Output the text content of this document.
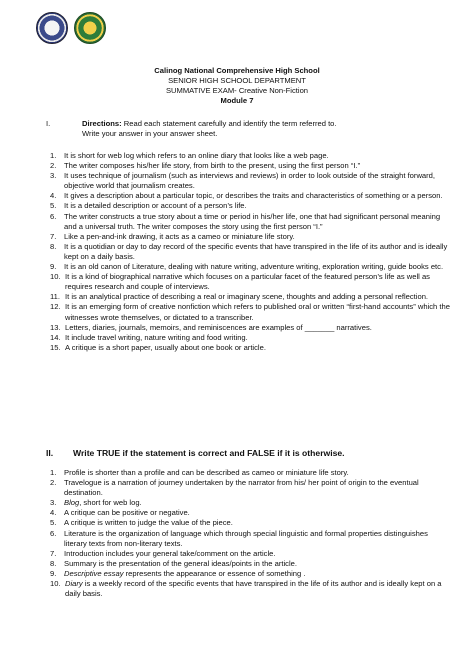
Calinog National Comprehensive High School
SENIOR HIGH SCHOOL DEPARTMENT
SUMMATIVE EXAM- Creative Non-Fiction
Module 7
I.	Directions: Read each statement carefully and identify the term referred to.
Write your answer in your answer sheet.
1. It is short for web log which refers to an online diary that looks like a web page.
2. The writer composes his/her life story, from birth to the present, using the first person “I.”
3. It uses technique of journalism (such as interviews and reviews) in order to look outside of the straight forward, objective world that journalism creates.
4. It gives a description about a particular topic, or describes the traits and characteristics of something or a person.
5. It is a detailed description or account of a person’s life.
6. The writer constructs a true story about a time or period in his/her life, one that had significant personal meaning and a universal truth. The writer composes the story using the first person “I.”
7. Like a pen-and-ink drawing, it acts as a cameo or miniature life story.
8. It is a quotidian or day to day record of the specific events that have transpired in the life of its author and is ideally kept on a daily basis.
9. It is an old canon of Literature, dealing with nature writing, adventure writing, exploration writing, guide books etc.
10. It is a kind of biographical narrative which focuses on a particular facet of the featured person’s life as well as requires research and couple of interviews.
11. It is an analytical practice of describing a real or imaginary scene, thoughts and adding a personal reflection.
12. It is an emerging form of creative nonfiction which refers to published oral or written “first-hand accounts” which the witnesses wrote themselves, or dictated to a transcriber.
13. Letters, diaries, journals, memoirs, and reminiscences are examples of _______ narratives.
14. It include travel writing, nature writing and food writing.
15. A critique is a short paper, usually about one book or article.
II. Write TRUE if the statement is correct and FALSE if it is otherwise.
1. Profile is shorter than a profile and can be described as cameo or miniature life story.
2. Travelogue is a narration of journey undertaken by the narrator from his/ her point of origin to the eventual destination.
3. Blog, short for web log.
4. A critique can be positive or negative.
5. A critique is written to judge the value of the piece.
6. Literature is the organization of language which through special linguistic and formal properties distinguishes literary texts from non-literary texts.
7. Introduction includes your general take/comment on the article.
8. Summary is the presentation of the general ideas/points in the article.
9. Descriptive essay represents the appearance or essence of something .
10. Diary is a weekly record of the specific events that have transpired in the life of its author and is ideally kept on a daily basis.
